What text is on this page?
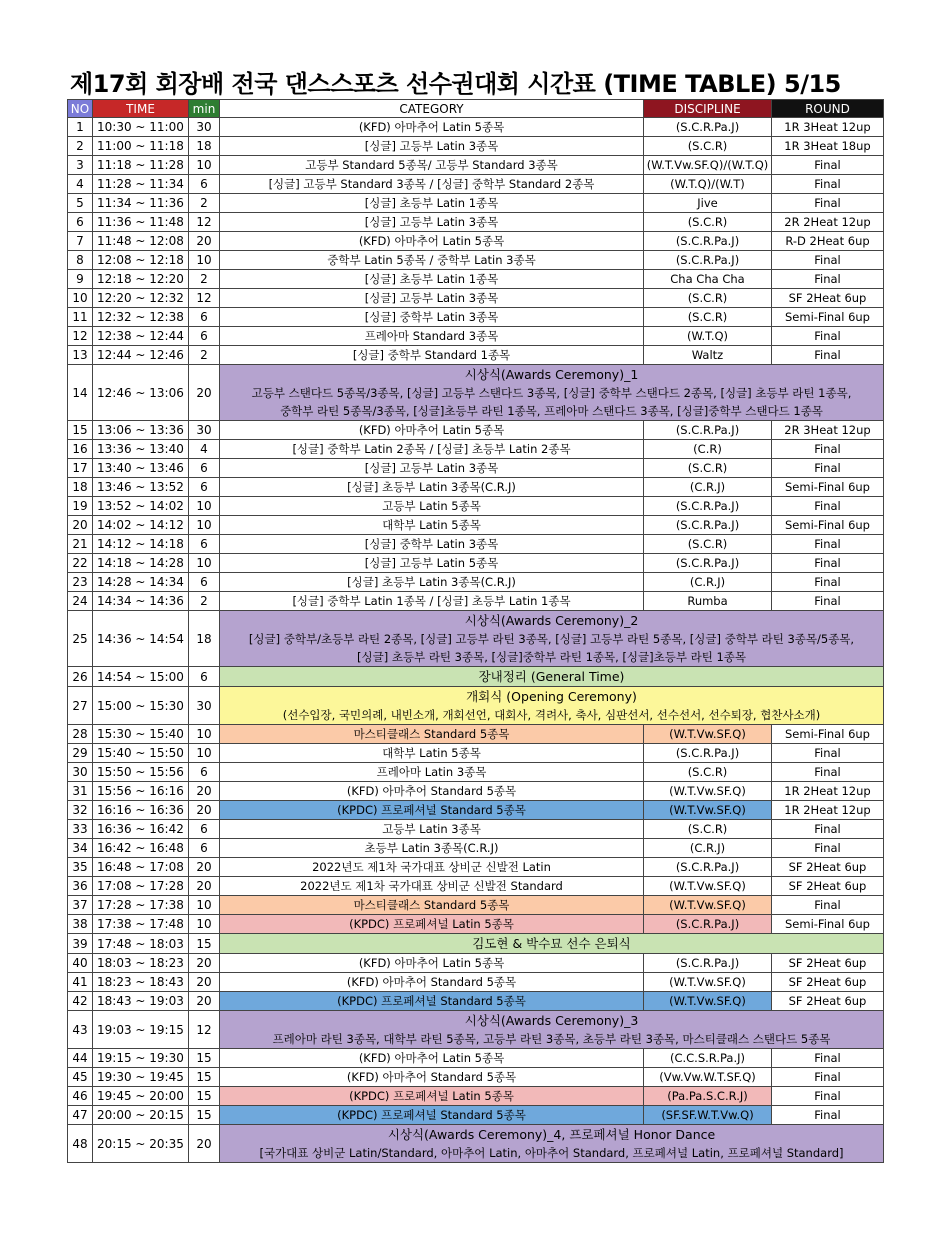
제17회 회장배 전국 댄스스포츠 선수권대회 시간표 (TIME TABLE) 5/15
NO	TIME	min	CATEGORY	DISCIPLINE	ROUND
1	10:30 ~ 11:00	30	(KFD) 아마추어 Latin 5종목	(S.C.R.Pa.J)	1R 3Heat 12up
2	11:00 ~ 11:18	18	[싱글] 고등부 Latin 3종목	(S.C.R)	1R 3Heat 18up
3	11:18 ~ 11:28	10	고등부 Standard 5종목/ 고등부 Standard 3종목	(W.T.Vw.SF.Q)/(W.T.Q)	Final
4	11:28 ~ 11:34	6	[싱글] 고등부 Standard 3종목 / [싱글] 중학부 Standard 2종목	(W.T.Q)/(W.T)	Final
5	11:34 ~ 11:36	2	[싱글] 초등부 Latin 1종목	Jive	Final
6	11:36 ~ 11:48	12	[싱글] 고등부 Latin 3종목	(S.C.R)	2R 2Heat 12up
7	11:48 ~ 12:08	20	(KFD) 아마추어 Latin 5종목	(S.C.R.Pa.J)	R-D 2Heat 6up
8	12:08 ~ 12:18	10	중학부 Latin 5종목 / 중학부 Latin 3종목	(S.C.R.Pa.J)	Final
9	12:18 ~ 12:20	2	[싱글] 초등부 Latin 1종목	Cha Cha Cha	Final
10	12:20 ~ 12:32	12	[싱글] 고등부 Latin 3종목	(S.C.R)	SF 2Heat 6up
11	12:32 ~ 12:38	6	[싱글] 중학부 Latin 3종목	(S.C.R)	Semi-Final 6up
12	12:38 ~ 12:44	6	프레아마 Standard 3종목	(W.T.Q)	Final
13	12:44 ~ 12:46	2	[싱글] 중학부 Standard 1종목	Waltz	Final
14	12:46 ~ 13:06	20	시상식(Awards Ceremony)_1
고등부 스탠다드 5종목/3종목, [싱글] 고등부 스탠다드 3종목, [싱글] 중학부 스탠다드 2종목, [싱글] 초등부 라틴 1종목,
중학부 라틴 5종목/3종목, [싱글]초등부 라틴 1종목, 프레아마 스탠다드 3종목, [싱글]중학부 스탠다드 1종목		

15	13:06 ~ 13:36	30	(KFD) 아마추어 Latin 5종목	(S.C.R.Pa.J)	2R 3Heat 12up
16	13:36 ~ 13:40	4	[싱글] 중학부 Latin 2종목 / [싱글] 초등부 Latin 2종목	(C.R)	Final
17	13:40 ~ 13:46	6	[싱글] 고등부 Latin 3종목	(S.C.R)	Final
18	13:46 ~ 13:52	6	[싱글] 초등부 Latin 3종목(C.R.J)	(C.R.J)	Semi-Final 6up
19	13:52 ~ 14:02	10	고등부 Latin 5종목	(S.C.R.Pa.J)	Final
20	14:02 ~ 14:12	10	대학부 Latin 5종목	(S.C.R.Pa.J)	Semi-Final 6up
21	14:12 ~ 14:18	6	[싱글] 중학부 Latin 3종목	(S.C.R)	Final
22	14:18 ~ 14:28	10	[싱글] 고등부 Latin 5종목	(S.C.R.Pa.J)	Final
23	14:28 ~ 14:34	6	[싱글] 초등부 Latin 3종목(C.R.J)	(C.R.J)	Final
24	14:34 ~ 14:36	2	[싱글] 중학부 Latin 1종목 / [싱글] 초등부 Latin 1종목	Rumba	Final
25	14:36 ~ 14:54	18	시상식(Awards Ceremony)_2
[싱글] 중학부/초등부 라틴 2종목, [싱글] 고등부 라틴 3종목, [싱글] 고등부 라틴 5종목, [싱글] 중학부 라틴 3종목/5종목,
[싱글] 초등부 라틴 3종목, [싱글]중학부 라틴 1종목, [싱글]초등부 라틴 1종목		

26	14:54 ~ 15:00	6	장내정리 (General Time)		

27	15:00 ~ 15:30	30	개회식 (Opening Ceremony)
(선수입장, 국민의례, 내빈소개, 개회선언, 대회사, 격려사, 축사, 심판선서, 선수선서, 선수퇴장, 협찬사소개)		

28	15:30 ~ 15:40	10	마스티클래스 Standard 5종목	(W.T.Vw.SF.Q)	Semi-Final 6up
29	15:40 ~ 15:50	10	대학부 Latin 5종목	(S.C.R.Pa.J)	Final
30	15:50 ~ 15:56	6	프레아마 Latin 3종목	(S.C.R)	Final
31	15:56 ~ 16:16	20	(KFD) 아마추어 Standard 5종목	(W.T.Vw.SF.Q)	1R 2Heat 12up
32	16:16 ~ 16:36	20	(KPDC) 프로페셔널 Standard 5종목	(W.T.Vw.SF.Q)	1R 2Heat 12up
33	16:36 ~ 16:42	6	고등부 Latin 3종목	(S.C.R)	Final
34	16:42 ~ 16:48	6	초등부 Latin 3종목(C.R.J)	(C.R.J)	Final
35	16:48 ~ 17:08	20	2022년도 제1차 국가대표 상비군 신발전 Latin	(S.C.R.Pa.J)	SF 2Heat 6up
36	17:08 ~ 17:28	20	2022년도 제1차 국가대표 상비군 신발전 Standard	(W.T.Vw.SF.Q)	SF 2Heat 6up
37	17:28 ~ 17:38	10	마스티클래스 Standard 5종목	(W.T.Vw.SF.Q)	Final
38	17:38 ~ 17:48	10	(KPDC) 프로페셔널 Latin 5종목	(S.C.R.Pa.J)	Semi-Final 6up
39	17:48 ~ 18:03	15	김도현 & 박수묘 선수 은퇴식		

40	18:03 ~ 18:23	20	(KFD) 아마추어 Latin 5종목	(S.C.R.Pa.J)	SF 2Heat 6up
41	18:23 ~ 18:43	20	(KFD) 아마추어 Standard 5종목	(W.T.Vw.SF.Q)	SF 2Heat 6up
42	18:43 ~ 19:03	20	(KPDC) 프로페셔널 Standard 5종목	(W.T.Vw.SF.Q)	SF 2Heat 6up
43	19:03 ~ 19:15	12	시상식(Awards Ceremony)_3
프레아마 라틴 3종목, 대학부 라틴 5종목, 고등부 라틴 3종목, 초등부 라틴 3종목, 마스티클래스 스탠다드 5종목		

44	19:15 ~ 19:30	15	(KFD) 아마추어 Latin 5종목	(C.C.S.R.Pa.J)	Final
45	19:30 ~ 19:45	15	(KFD) 아마추어 Standard 5종목	(Vw.Vw.W.T.SF.Q)	Final
46	19:45 ~ 20:00	15	(KPDC) 프로페셔널 Latin 5종목	(Pa.Pa.S.C.R.J)	Final
47	20:00 ~ 20:15	15	(KPDC) 프로페셔널 Standard 5종목	(SF.SF.W.T.Vw.Q)	Final
48	20:15 ~ 20:35	20	시상식(Awards Ceremony)_4, 프로페셔널 Honor Dance
[국가대표 상비군 Latin/Standard, 아마추어 Latin, 아마추어 Standard, 프로페셔널 Latin, 프로페셔널 Standard]		
